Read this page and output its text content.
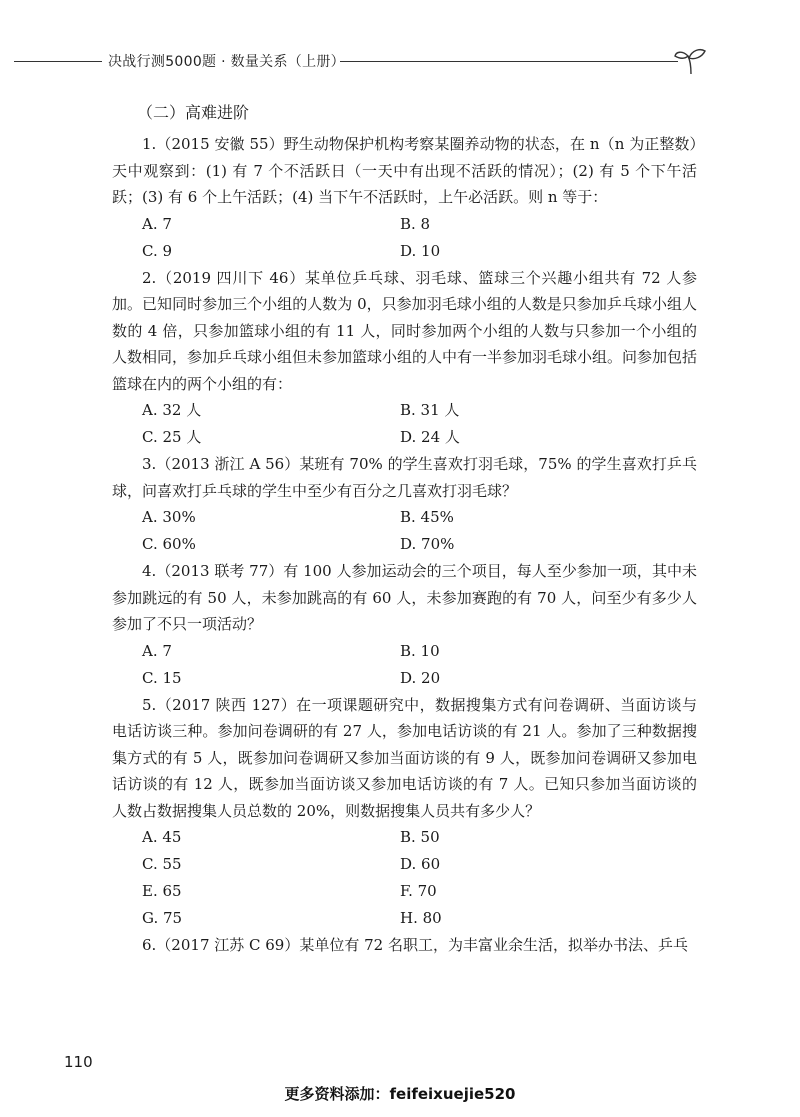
决战行测5000题 · 数量关系（上册）
（二）高难进阶

1.（2015 安徽 55）野生动物保护机构考察某圈养动物的状态，在 n（n 为正整数）天中观察到：(1) 有 7 个不活跃日（一天中有出现不活跃的情况）；(2) 有 5 个下午活跃；(3) 有 6 个上午活跃；(4) 当下午不活跃时，上午必活跃。则 n 等于：

A. 7	B. 8
C. 9	D. 10

2.（2019 四川下 46）某单位乒乓球、羽毛球、篮球三个兴趣小组共有 72 人参加。已知同时参加三个小组的人数为 0，只参加羽毛球小组的人数是只参加乒乓球小组人数的 4 倍，只参加篮球小组的有 11 人，同时参加两个小组的人数与只参加一个小组的人数相同，参加乒乓球小组但未参加篮球小组的人中有一半参加羽毛球小组。问参加包括篮球在内的两个小组的有：

A. 32 人	B. 31 人
C. 25 人	D. 24 人

3.（2013 浙江 A 56）某班有 70% 的学生喜欢打羽毛球，75% 的学生喜欢打乒乓球，问喜欢打乒乓球的学生中至少有百分之几喜欢打羽毛球？

A. 30%	B. 45%
C. 60%	D. 70%

4.（2013 联考 77）有 100 人参加运动会的三个项目，每人至少参加一项，其中未参加跳远的有 50 人，未参加跳高的有 60 人，未参加赛跑的有 70 人，问至少有多少人参加了不只一项活动？

A. 7	B. 10
C. 15	D. 20

5.（2017 陕西 127）在一项课题研究中，数据搜集方式有问卷调研、当面访谈与电话访谈三种。参加问卷调研的有 27 人，参加电话访谈的有 21 人。参加了三种数据搜集方式的有 5 人，既参加问卷调研又参加当面访谈的有 9 人，既参加问卷调研又参加电话访谈的有 12 人，既参加当面访谈又参加电话访谈的有 7 人。已知只参加当面访谈的人数占数据搜集人员总数的 20%，则数据搜集人员共有多少人？

A. 45	B. 50
C. 55	D. 60
E. 65	F. 70
G. 75	H. 80

6.（2017 江苏 C 69）某单位有 72 名职工，为丰富业余生活，拟举办书法、乒乓

110
更多资料添加：feifeixuejie520
